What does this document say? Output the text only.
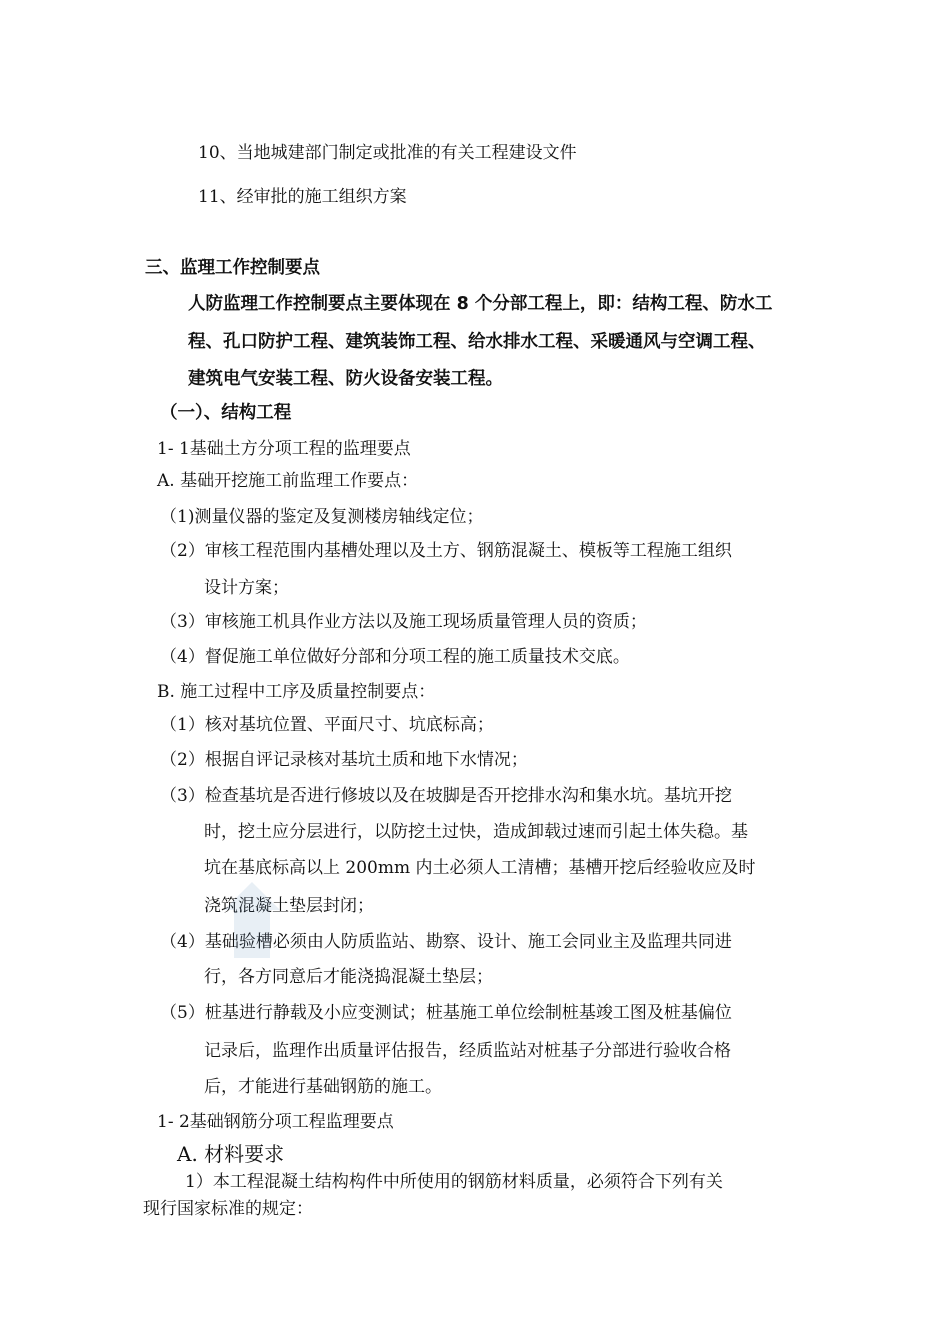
10、当地城建部门制定或批准的有关工程建设文件
11、经审批的施工组织方案
三、监理工作控制要点
人防监理工作控制要点主要体现在 8 个分部工程上，即：结构工程、防水工
程、孔口防护工程、建筑装饰工程、给水排水工程、采暖通风与空调工程、
建筑电气安装工程、防火设备安装工程。
（一）、结构工程
1- 1基础土方分项工程的监理要点
A. 基础开挖施工前监理工作要点：
（1)测量仪器的鉴定及复测楼房轴线定位；
（2）审核工程范围内基槽处理以及土方、钢筋混凝土、模板等工程施工组织
设计方案；
（3）审核施工机具作业方法以及施工现场质量管理人员的资质；
（4）督促施工单位做好分部和分项工程的施工质量技术交底。
B. 施工过程中工序及质量控制要点：
（1）核对基坑位置、平面尺寸、坑底标高；
（2）根据自评记录核对基坑土质和地下水情况；
（3）检查基坑是否进行修坡以及在坡脚是否开挖排水沟和集水坑。基坑开挖
时，挖土应分层进行，以防挖土过快，造成卸载过速而引起土体失稳。基
坑在基底标高以上 200mm 内土必须人工清槽；基槽开挖后经验收应及时
浇筑混凝土垫层封闭；
（4）基础验槽必须由人防质监站、勘察、设计、施工会同业主及监理共同进
行，各方同意后才能浇捣混凝土垫层；
（5）桩基进行静载及小应变测试；桩基施工单位绘制桩基竣工图及桩基偏位
记录后，监理作出质量评估报告，经质监站对桩基子分部进行验收合格
后，才能进行基础钢筋的施工。
1- 2基础钢筋分项工程监理要点
A. 材料要求
1）本工程混凝土结构构件中所使用的钢筋材料质量，必须符合下列有关
现行国家标准的规定：
